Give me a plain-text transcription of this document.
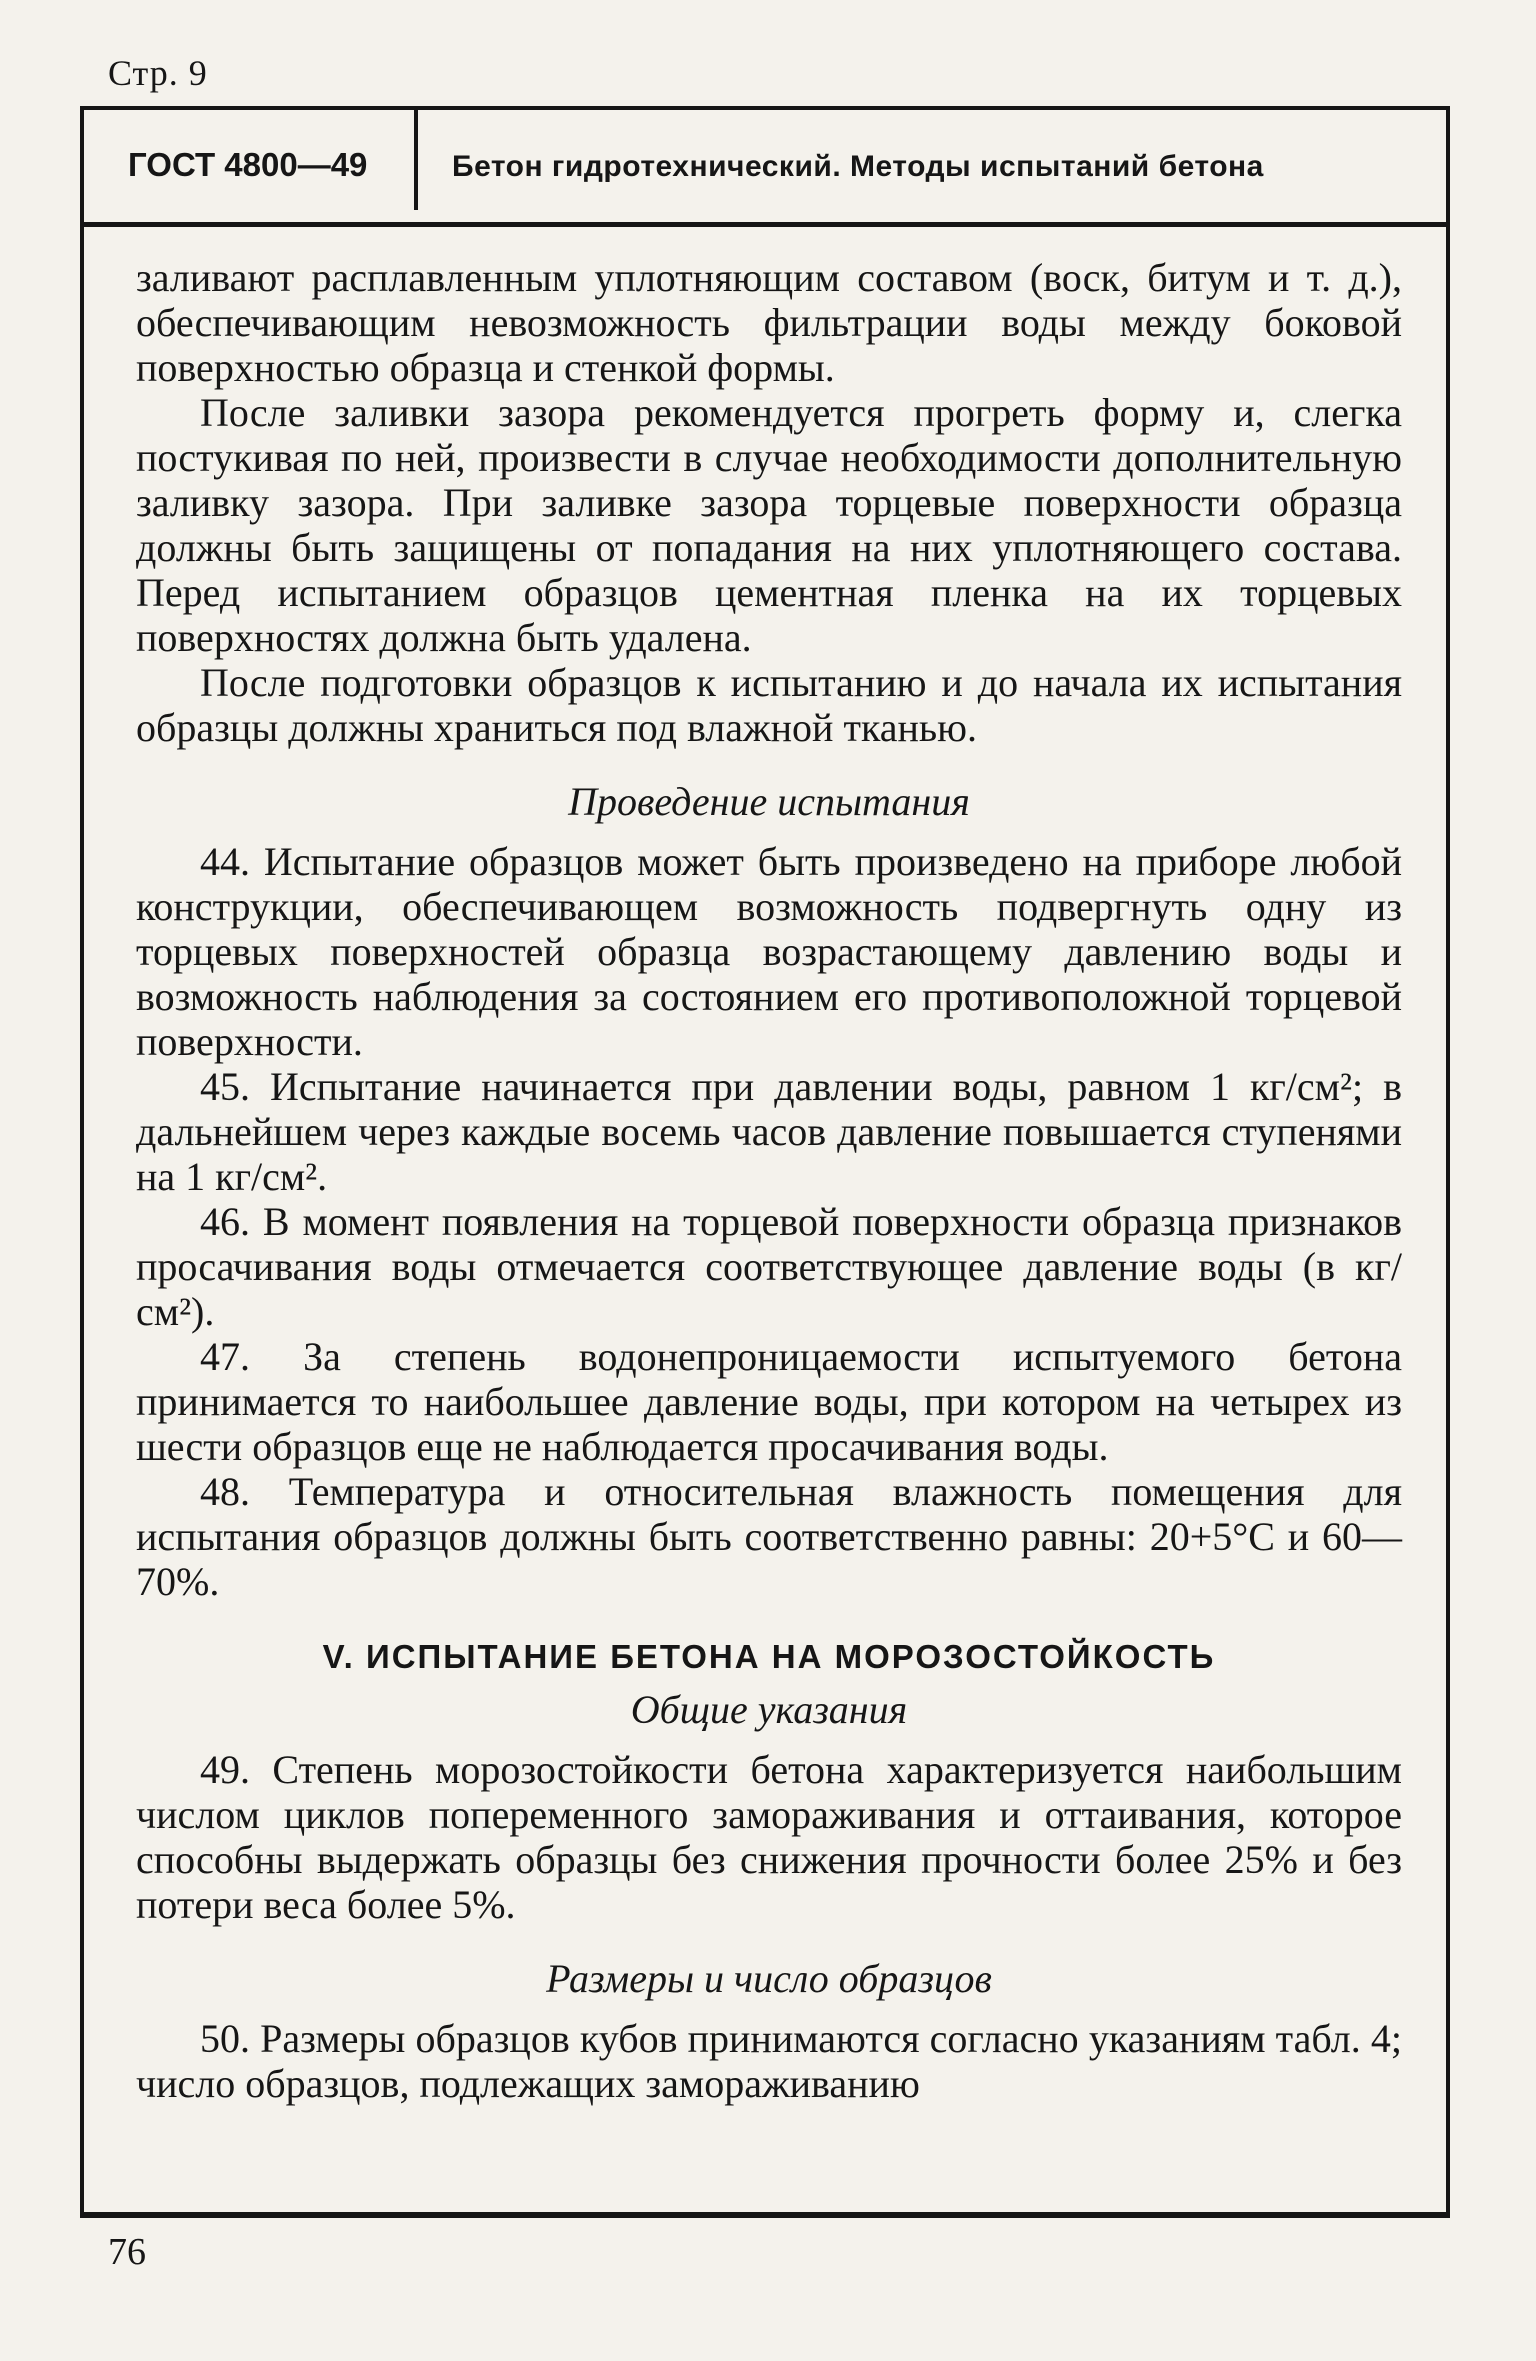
Стр. 9
ГОСТ 4800—49	Бетон гидротехнический. Методы испытаний бетона

заливают расплавленным уплотняющим составом (воск, битум и т. д.), обеспечивающим невозможность фильтрации воды между боковой поверхностью образца и стенкой формы.

После заливки зазора рекомендуется прогреть форму и, слегка постукивая по ней, произвести в случае необходимости дополнительную заливку зазора. При заливке зазора торцевые поверхности образца должны быть защищены от попадания на них уплотняющего состава. Перед испытанием образцов цементная пленка на их торцевых поверхностях должна быть удалена.

После подготовки образцов к испытанию и до начала их испытания образцы должны храниться под влажной тканью.

Проведение испытания

44. Испытание образцов может быть произведено на приборе любой конструкции, обеспечивающем возможность подвергнуть одну из торцевых поверхностей образца возрастающему давлению воды и возможность наблюдения за состоянием его противоположной торцевой поверхности.

45. Испытание начинается при давлении воды, равном 1 кг/см²; в дальнейшем через каждые восемь часов давление повышается ступенями на 1 кг/см².

46. В момент появления на торцевой поверхности образца признаков просачивания воды отмечается соответствующее давление воды (в кг/см²).

47. За степень водонепроницаемости испытуемого бетона принимается то наибольшее давление воды, при котором на четырех из шести образцов еще не наблюдается просачивания воды.

48. Температура и относительная влажность помещения для испытания образцов должны быть соответственно равны: 20+5°С и 60—70%.

V. ИСПЫТАНИЕ БЕТОНА НА МОРОЗОСТОЙКОСТЬ
Общие указания

49. Степень морозостойкости бетона характеризуется наибольшим числом циклов попеременного замораживания и оттаивания, которое способны выдержать образцы без снижения прочности более 25% и без потери веса более 5%.

Размеры и число образцов

50. Размеры образцов кубов принимаются согласно указаниям табл. 4; число образцов, подлежащих замораживанию

76
